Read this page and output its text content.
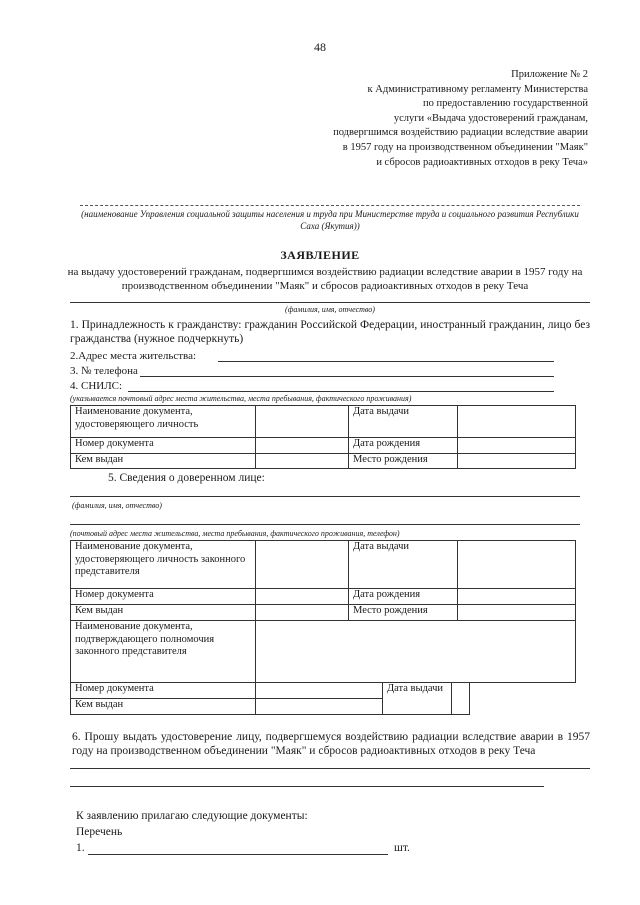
48
Приложение № 2
к Административному регламенту Министерства
по предоставлению государственной
услуги «Выдача удостоверений гражданам,
подвергшимся воздействию радиации вследствие аварии
в 1957 году на производственном объединении "Маяк"
и сбросов радиоактивных отходов в реку Теча»
(наименование Управления социальной защиты населения и труда при Министерстве труда и социального развития Республики Саха (Якутия))
ЗАЯВЛЕНИЕ
на выдачу удостоверений гражданам, подвергшимся воздействию радиации вследствие аварии в 1957 году на производственном объединении "Маяк" и сбросов радиоактивных отходов в реку Теча
(фамилия, имя, отчество)
1. Принадлежность к гражданству: гражданин Российской Федерации, иностранный гражданин, лицо без гражданства (нужное подчеркнуть)
2.Адрес места жительства:
3. № телефона
4. СНИЛС:
(указывается почтовый адрес места жительства, места пребывания, фактического проживания)
Наименование документа, удостоверяющего личность		Дата выдачи	
Номер документа		Дата рождения	
Кем выдан		Место рождения	
5. Сведения о доверенном лице:
(фамилия, имя, отчество)
(почтовый адрес места жительства, места пребывания, фактического проживания, телефон)
Наименование документа, удостоверяющего личность законного представителя		Дата выдачи	
Номер документа		Дата рождения	
Кем выдан		Место рождения	
Наименование документа, подтверждающего полномочия законного представителя			
Номер документа		Дата выдачи	
Кем выдан			
6. Прошу выдать удостоверение лицу, подвергшемуся воздействию радиации вследствие аварии в 1957 году на производственном объединении "Маяк" и сбросов радиоактивных отходов в реку Теча
К заявлению прилагаю следующие документы:
Перечень
1.	шт.
